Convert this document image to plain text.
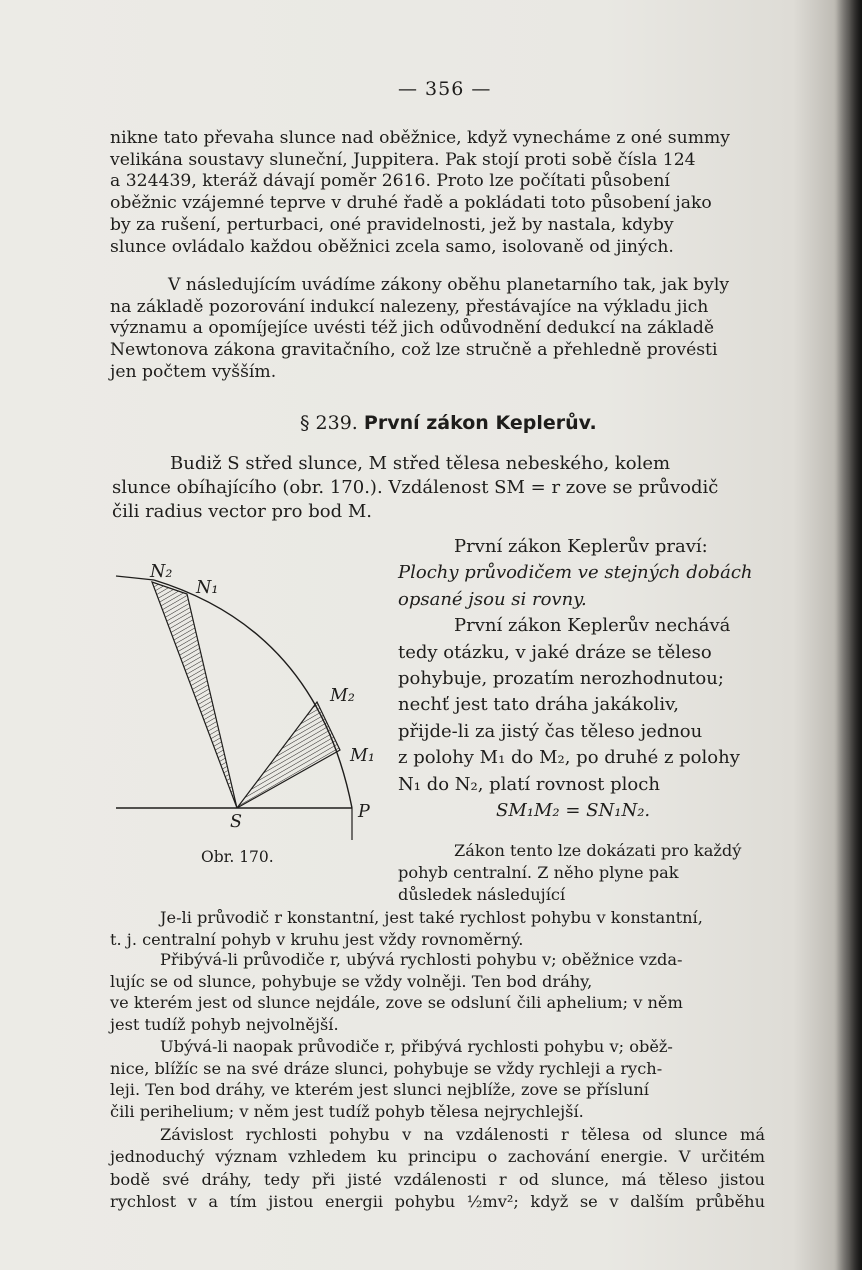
— 356 —
nikne tato převaha slunce nad oběžnice, když vynecháme z oné summy
velikána soustavy sluneční, Juppitera. Pak stojí proti sobě čísla 124
a 324439, kteráž dávají poměr 2616. Proto lze počítati působení
oběžnic vzájemné teprve v druhé řadě a pokládati toto působení jako
by za rušení, perturbaci, oné pravidelnosti, jež by nastala, kdyby
slunce ovládalo každou oběžnici zcela samo, isolovaně od jiných.
V následujícím uvádíme zákony oběhu planetarního tak, jak byly
na základě pozorování indukcí nalezeny, přestávajíce na výkladu jich
významu a opomíjejíce uvésti též jich odůvodnění dedukcí na základě
Newtonova zákona gravitačního, což lze stručně a přehledně provésti
jen počtem vyšším.
§ 239. První zákon Keplerův.
Budiž S střed slunce, M střed tělesa nebeského, kolem
slunce obíhajícího (obr. 170.). Vzdálenost SM = r zove se průvodič
čili radius vector pro bod M.
N₂
N₁
M₂
M₁
S	P
Obr. 170.
První zákon Keplerův praví:
Plochy průvodičem ve stejných dobách
opsané jsou si rovny.
První zákon Keplerův nechává
tedy otázku, v jaké dráze se těleso
pohybuje, prozatím nerozhodnutou;
nechť jest tato dráha jakákoliv,
přijde-li za jistý čas těleso jednou
z polohy M₁ do M₂, po druhé z polohy
N₁ do N₂, platí rovnost ploch
SM₁M₂ = SN₁N₂.
Zákon tento lze dokázati pro každý
pohyb centralní. Z něho plyne pak
důsledek následující
Je-li průvodič r konstantní, jest také rychlost pohybu v konstantní,
t. j. centralní pohyb v kruhu jest vždy rovnoměrný.
Přibývá-li průvodiče r, ubývá rychlosti pohybu v; oběžnice vzda-
lujíc se od slunce, pohybuje se vždy volněji. Ten bod dráhy,
ve kterém jest od slunce nejdále, zove se odslunί čili aphelium; v něm
jest tudíž pohyb nejvolnější.
Ubývá-li naopak průvodiče r, přibývá rychlosti pohybu v; oběž-
nice, blížíc se na své dráze slunci, pohybuje se vždy rychleji a rych-
leji. Ten bod dráhy, ve kterém jest slunci nejblíže, zove se přísluní
čili perihelium; v něm jest tudíž pohyb tělesa nejrychlejší.
Závislost rychlosti pohybu v na vzdálenosti r tělesa od slunce má
jednoduchý význam vzhledem ku principu o zachování energie. V určitém
bodě své dráhy, tedy při jisté vzdálenosti r od slunce, má těleso jistou
rychlost v a tím jistou energii pohybu ½mv²; když se v dalším průběhu
